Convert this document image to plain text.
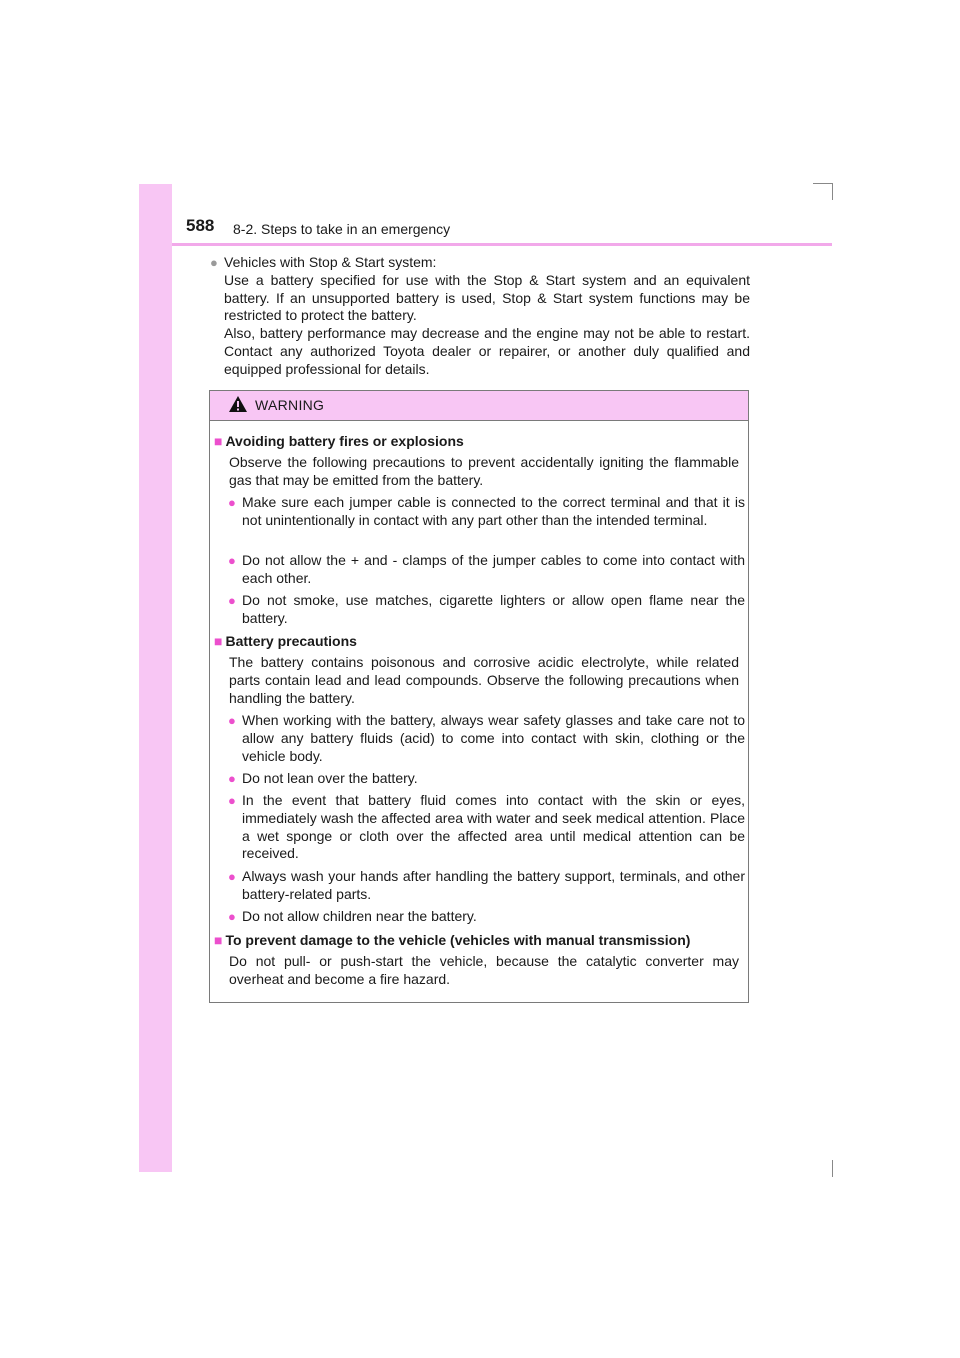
588 8-2. Steps to take in an emergency
● Vehicles with Stop & Start system:

Use a battery specified for use with the Stop & Start system and an equivalent battery. If an unsupported battery is used, Stop & Start system functions may be restricted to protect the battery.

Also, battery performance may decrease and the engine may not be able to restart. Contact any authorized Toyota dealer or repairer, or another duly qualified and equipped professional for details.

WARNING
■ Avoiding battery fires or explosions

Observe the following precautions to prevent accidentally igniting the flammable gas that may be emitted from the battery.

● Make sure each jumper cable is connected to the correct terminal and that it is not unintentionally in contact with any part other than the intended terminal.
● Do not allow the + and - clamps of the jumper cables to come into contact with each other.
● Do not smoke, use matches, cigarette lighters or allow open flame near the battery.
■ Battery precautions

The battery contains poisonous and corrosive acidic electrolyte, while related parts contain lead and lead compounds. Observe the following precautions when handling the battery.

● When working with the battery, always wear safety glasses and take care not to allow any battery fluids (acid) to come into contact with skin, clothing or the vehicle body.
● Do not lean over the battery.
● In the event that battery fluid comes into contact with the skin or eyes, immediately wash the affected area with water and seek medical attention. Place a wet sponge or cloth over the affected area until medical attention can be received.
● Always wash your hands after handling the battery support, terminals, and other battery-related parts.
● Do not allow children near the battery.
■ To prevent damage to the vehicle (vehicles with manual transmission)

Do not pull- or push-start the vehicle, because the catalytic converter may overheat and become a fire hazard.
